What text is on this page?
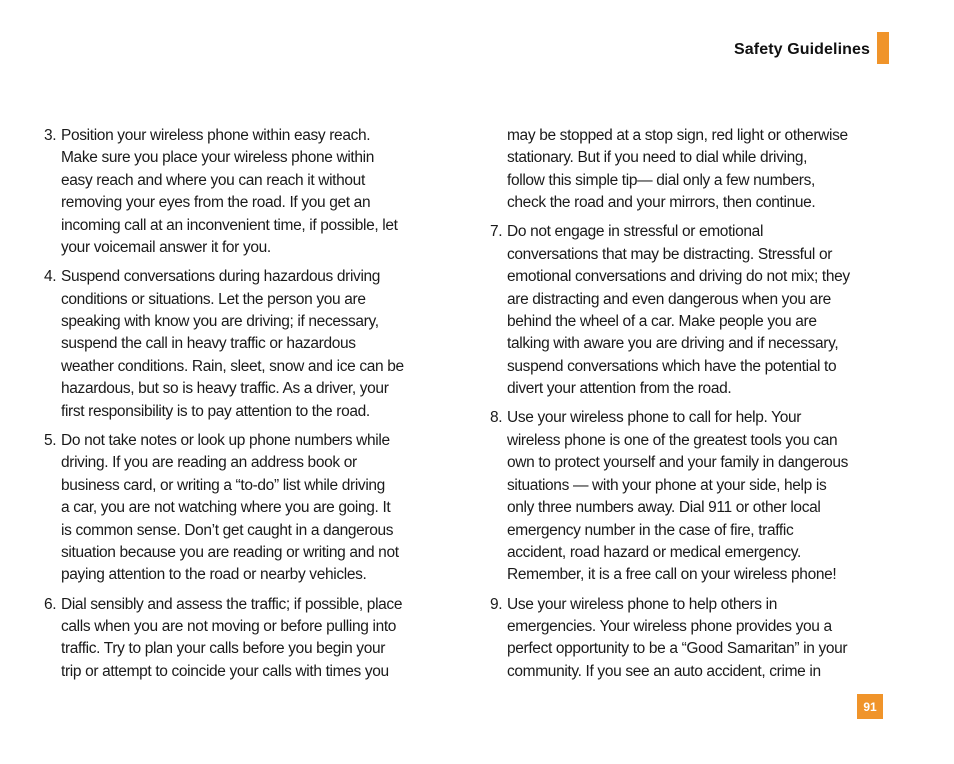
Safety Guidelines
3. Position your wireless phone within easy reach.
Make sure you place your wireless phone within
easy reach and where you can reach it without
removing your eyes from the road. If you get an
incoming call at an inconvenient time, if possible, let
your voicemail answer it for you.
4. Suspend conversations during hazardous driving
conditions or situations. Let the person you are
speaking with know you are driving; if necessary,
suspend the call in heavy traffic or hazardous
weather conditions. Rain, sleet, snow and ice can be
hazardous, but so is heavy traffic. As a driver, your
first responsibility is to pay attention to the road.
5. Do not take notes or look up phone numbers while
driving. If you are reading an address book or
business card, or writing a “to-do” list while driving
a car, you are not watching where you are going. It
is common sense. Don’t get caught in a dangerous
situation because you are reading or writing and not
paying attention to the road or nearby vehicles.
6. Dial sensibly and assess the traffic; if possible, place
calls when you are not moving or before pulling into
traffic. Try to plan your calls before you begin your
trip or attempt to coincide your calls with times you
may be stopped at a stop sign, red light or otherwise
stationary. But if you need to dial while driving,
follow this simple tip— dial only a few numbers,
check the road and your mirrors, then continue.
7. Do not engage in stressful or emotional
conversations that may be distracting. Stressful or
emotional conversations and driving do not mix; they
are distracting and even dangerous when you are
behind the wheel of a car. Make people you are
talking with aware you are driving and if necessary,
suspend conversations which have the potential to
divert your attention from the road.
8. Use your wireless phone to call for help. Your
wireless phone is one of the greatest tools you can
own to protect yourself and your family in dangerous
situations — with your phone at your side, help is
only three numbers away. Dial 911 or other local
emergency number in the case of fire, traffic
accident, road hazard or medical emergency.
Remember, it is a free call on your wireless phone!
9. Use your wireless phone to help others in
emergencies. Your wireless phone provides you a
perfect opportunity to be a “Good Samaritan” in your
community. If you see an auto accident, crime in
91
